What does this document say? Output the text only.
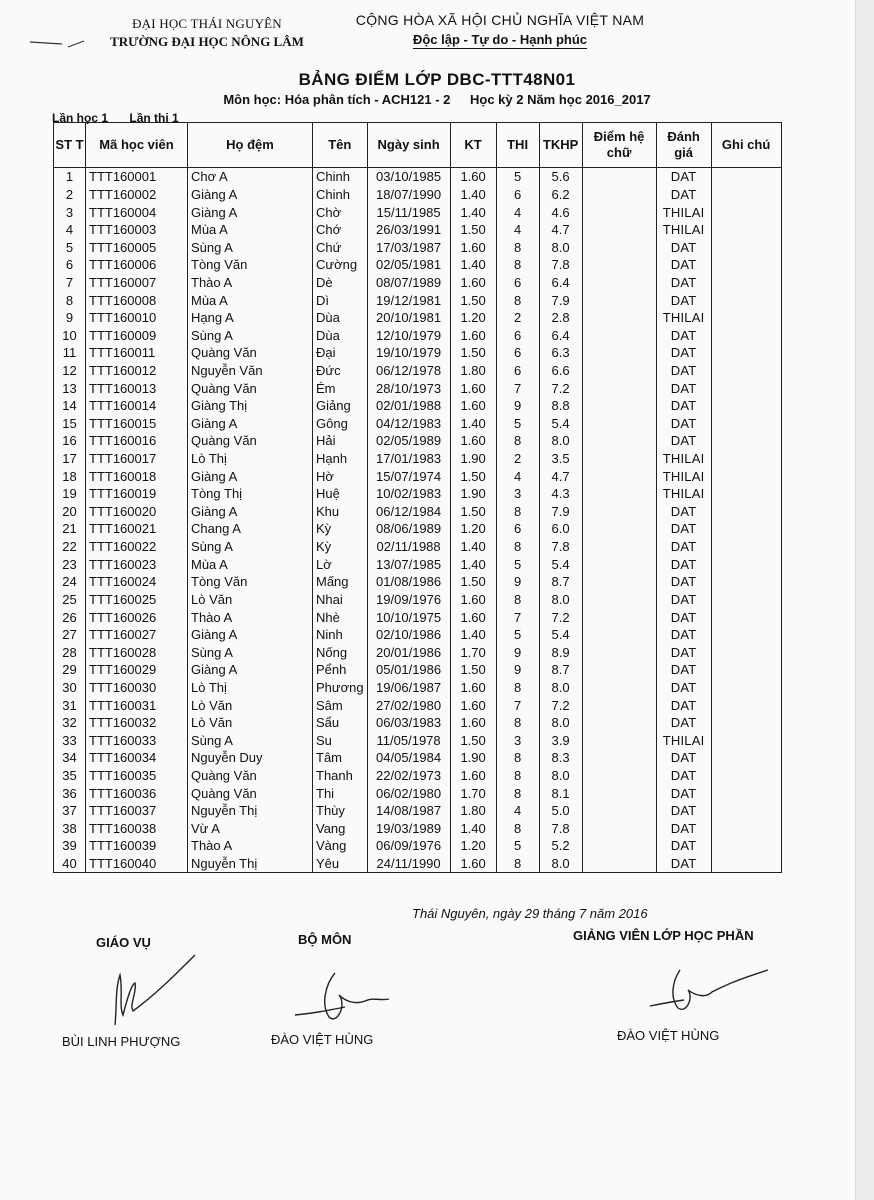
ĐẠI HỌC THÁI NGUYÊN
TRƯỜNG ĐẠI HỌC NÔNG LÂM
CỘNG HÒA XÃ HỘI CHỦ NGHĨA VIỆT NAM
Độc lập - Tự do - Hạnh phúc
BẢNG ĐIỂM LỚP DBC-TTT48N01
Môn học: Hóa phân tích - ACH121 - 2 Học kỳ 2 Năm học 2016_2017
Lần học 1 Lần thi 1
ST T	Mã học viên	Họ đệm	Tên	Ngày sinh	KT	THI	TKHP	Điểm hệ chữ	Đánh giá	Ghi chú
1	TTT160001	Chơ A	Chinh	03/10/1985	1.60	5	5.6		DAT	
2	TTT160002	Giàng A	Chinh	18/07/1990	1.40	6	6.2		DAT	
3	TTT160004	Giàng A	Chờ	15/11/1985	1.40	4	4.6		THILAI	
4	TTT160003	Mùa A	Chớ	26/03/1991	1.50	4	4.7		THILAI	
5	TTT160005	Sùng A	Chứ	17/03/1987	1.60	8	8.0		DAT	
6	TTT160006	Tòng Văn	Cường	02/05/1981	1.40	8	7.8		DAT	
7	TTT160007	Thào A	Dè	08/07/1989	1.60	6	6.4		DAT	
8	TTT160008	Mùa A	Dì	19/12/1981	1.50	8	7.9		DAT	
9	TTT160010	Hạng A	Dùa	20/10/1981	1.20	2	2.8		THILAI	
10	TTT160009	Sùng A	Dùa	12/10/1979	1.60	6	6.4		DAT	
11	TTT160011	Quàng Văn	Đại	19/10/1979	1.50	6	6.3		DAT	
12	TTT160012	Nguyễn Văn	Đức	06/12/1978	1.80	6	6.6		DAT	
13	TTT160013	Quàng Văn	Ém	28/10/1973	1.60	7	7.2		DAT	
14	TTT160014	Giàng Thị	Giảng	02/01/1988	1.60	9	8.8		DAT	
15	TTT160015	Giàng A	Gông	04/12/1983	1.40	5	5.4		DAT	
16	TTT160016	Quàng Văn	Hải	02/05/1989	1.60	8	8.0		DAT	
17	TTT160017	Lò Thị	Hạnh	17/01/1983	1.90	2	3.5		THILAI	
18	TTT160018	Giàng A	Hờ	15/07/1974	1.50	4	4.7		THILAI	
19	TTT160019	Tòng Thị	Huệ	10/02/1983	1.90	3	4.3		THILAI	
20	TTT160020	Giàng A	Khu	06/12/1984	1.50	8	7.9		DAT	
21	TTT160021	Chang A	Kỳ	08/06/1989	1.20	6	6.0		DAT	
22	TTT160022	Sùng A	Kỳ	02/11/1988	1.40	8	7.8		DAT	
23	TTT160023	Mùa A	Lờ	13/07/1985	1.40	5	5.4		DAT	
24	TTT160024	Tòng Văn	Mấng	01/08/1986	1.50	9	8.7		DAT	
25	TTT160025	Lò Văn	Nhai	19/09/1976	1.60	8	8.0		DAT	
26	TTT160026	Thào A	Nhè	10/10/1975	1.60	7	7.2		DAT	
27	TTT160027	Giàng A	Ninh	02/10/1986	1.40	5	5.4		DAT	
28	TTT160028	Sùng A	Nống	20/01/1986	1.70	9	8.9		DAT	
29	TTT160029	Giàng A	Pểnh	05/01/1986	1.50	9	8.7		DAT	
30	TTT160030	Lò Thị	Phương	19/06/1987	1.60	8	8.0		DAT	
31	TTT160031	Lò Văn	Sâm	27/02/1980	1.60	7	7.2		DAT	
32	TTT160032	Lò Văn	Sẩu	06/03/1983	1.60	8	8.0		DAT	
33	TTT160033	Sùng A	Su	11/05/1978	1.50	3	3.9		THILAI	
34	TTT160034	Nguyễn Duy	Tâm	04/05/1984	1.90	8	8.3		DAT	
35	TTT160035	Quàng Văn	Thanh	22/02/1973	1.60	8	8.0		DAT	
36	TTT160036	Quàng Văn	Thi	06/02/1980	1.70	8	8.1		DAT	
37	TTT160037	Nguyễn Thị	Thùy	14/08/1987	1.80	4	5.0		DAT	
38	TTT160038	Vừ A	Vang	19/03/1989	1.40	8	7.8		DAT	
39	TTT160039	Thào A	Vàng	06/09/1976	1.20	5	5.2		DAT	
40	TTT160040	Nguyễn Thị	Yêu	24/11/1990	1.60	8	8.0		DAT	
Thái Nguyên, ngày 29 tháng 7 năm 2016
GIÁO VỤ	BỘ MÔN	GIẢNG VIÊN LỚP HỌC PHẦN
BÙI LINH PHƯỢNG	ĐÀO VIỆT HÙNG	ĐÀO VIỆT HÙNG
